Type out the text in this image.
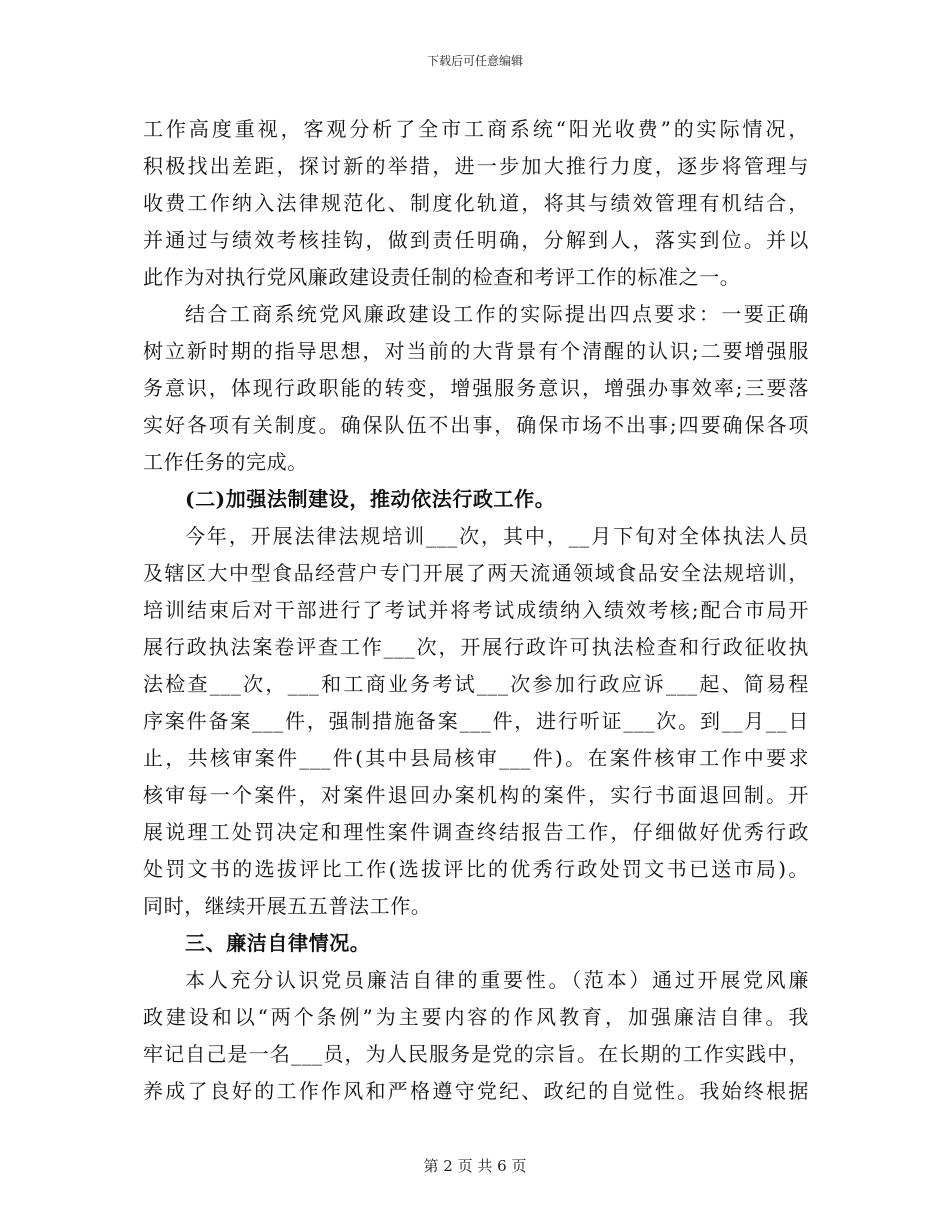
下载后可任意编辑
工作高度重视，客观分析了全市工商系统“阳光收费”的实际情况，
积极找出差距，探讨新的举措，进一步加大推行力度，逐步将管理与
收费工作纳入法律规范化、制度化轨道，将其与绩效管理有机结合，
并通过与绩效考核挂钩，做到责任明确，分解到人，落实到位。并以
此作为对执行党风廉政建设责任制的检查和考评工作的标准之一。
结合工商系统党风廉政建设工作的实际提出四点要求：一要正确
树立新时期的指导思想，对当前的大背景有个清醒的认识;二要增强服
务意识，体现行政职能的转变，增强服务意识，增强办事效率;三要落
实好各项有关制度。确保队伍不出事，确保市场不出事;四要确保各项
工作任务的完成。
(二)加强法制建设，推动依法行政工作。
今年，开展法律法规培训___次，其中，__月下旬对全体执法人员
及辖区大中型食品经营户专门开展了两天流通领域食品安全法规培训，
培训结束后对干部进行了考试并将考试成绩纳入绩效考核;配合市局开
展行政执法案卷评查工作___次，开展行政许可执法检查和行政征收执
法检查___次，___和工商业务考试___次参加行政应诉___起、简易程
序案件备案___件，强制措施备案___件，进行听证___次。到__月__日
止，共核审案件___件(其中县局核审___件)。在案件核审工作中要求
核审每一个案件，对案件退回办案机构的案件，实行书面退回制。开
展说理工处罚决定和理性案件调查终结报告工作，仔细做好优秀行政
处罚文书的选拔评比工作(选拔评比的优秀行政处罚文书已送市局)。
同时，继续开展五五普法工作。
三、廉洁自律情况。
本人充分认识党员廉洁自律的重要性。（范本）通过开展党风廉
政建设和以“两个条例”为主要内容的作风教育，加强廉洁自律。我
牢记自己是一名___员，为人民服务是党的宗旨。在长期的工作实践中，
养成了良好的工作作风和严格遵守党纪、政纪的自觉性。我始终根据
第 2 页 共 6 页
